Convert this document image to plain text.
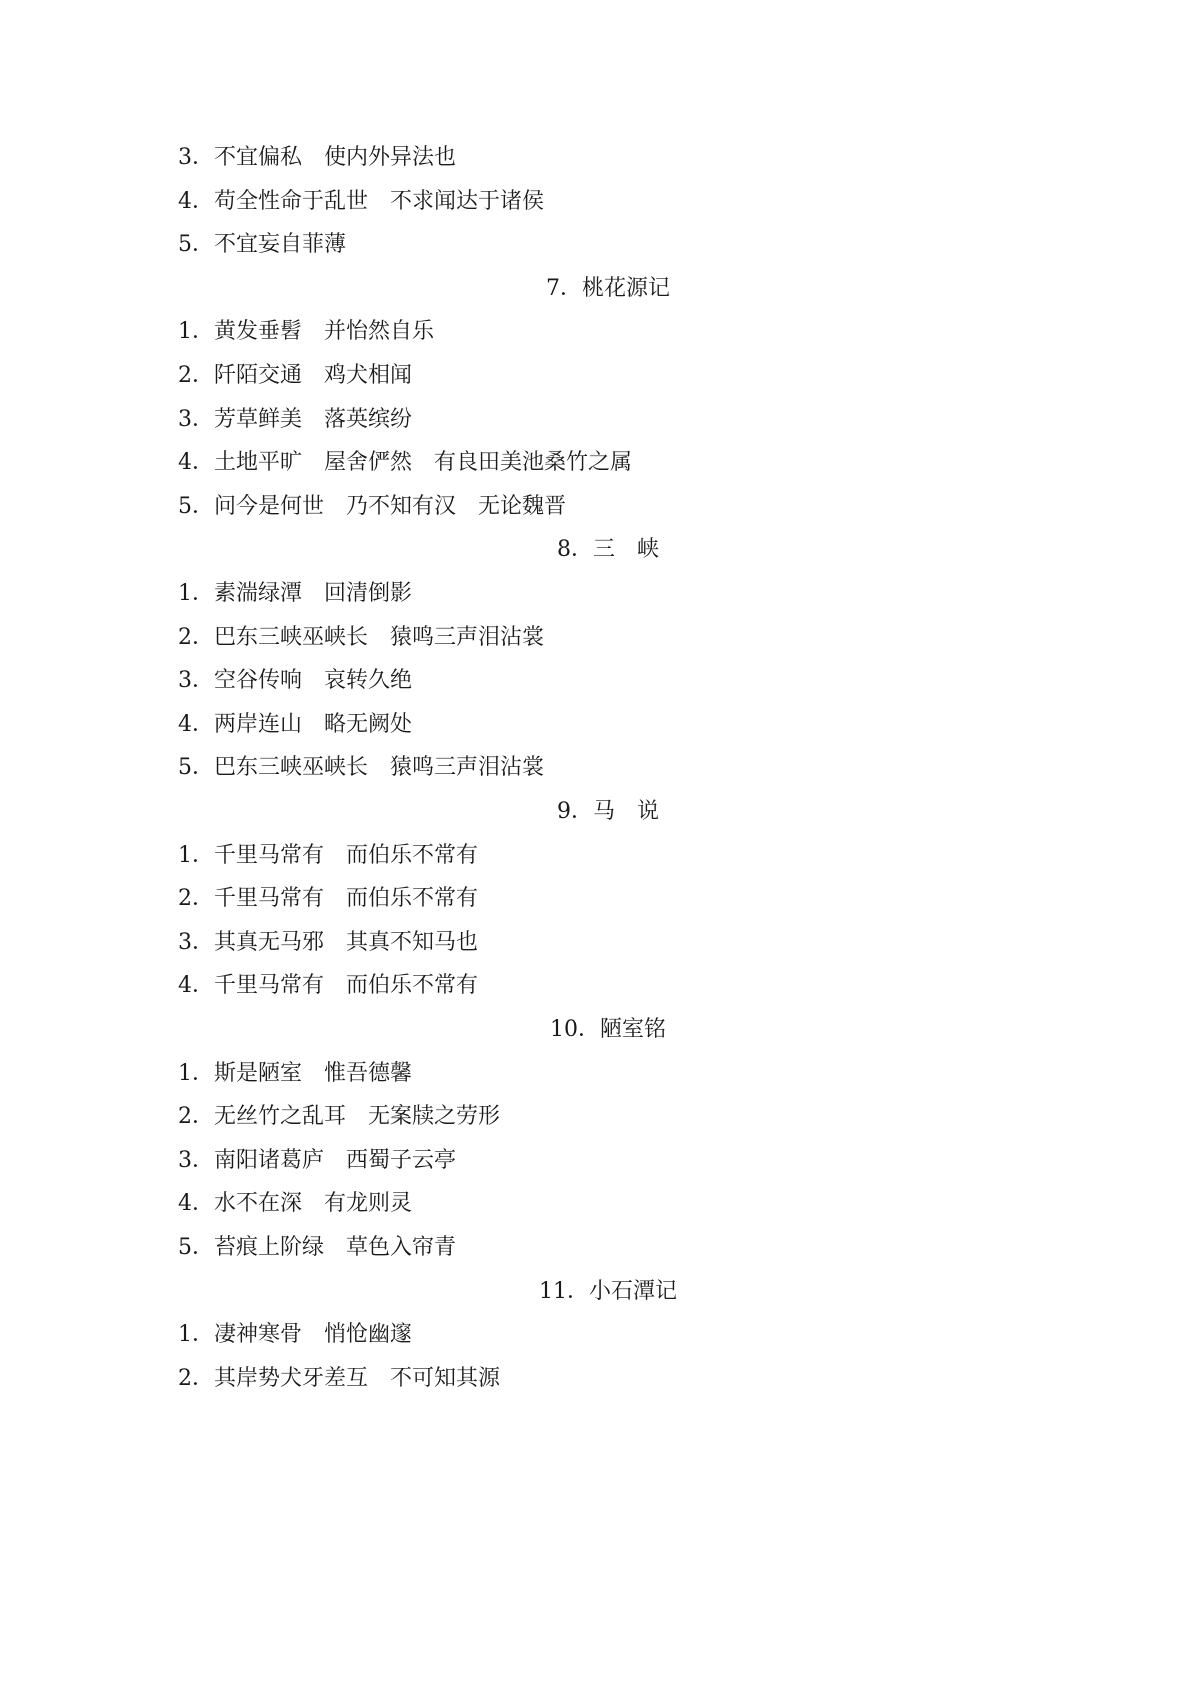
3．不宜偏私　使内外异法也
4．苟全性命于乱世　不求闻达于诸侯
5．不宜妄自菲薄
7．桃花源记
1．黄发垂髫　并怡然自乐
2．阡陌交通　鸡犬相闻
3．芳草鲜美　落英缤纷
4．土地平旷　屋舍俨然　有良田美池桑竹之属
5．问今是何世　乃不知有汉　无论魏晋
8．三　峡
1．素湍绿潭　回清倒影
2．巴东三峡巫峡长　猿鸣三声泪沾裳
3．空谷传响　哀转久绝
4．两岸连山　略无阙处
5．巴东三峡巫峡长　猿鸣三声泪沾裳
9．马　说
1．千里马常有　而伯乐不常有
2．千里马常有　而伯乐不常有
3．其真无马邪　其真不知马也
4．千里马常有　而伯乐不常有
10．陋室铭
1．斯是陋室　惟吾德馨
2．无丝竹之乱耳　无案牍之劳形
3．南阳诸葛庐　西蜀子云亭
4．水不在深　有龙则灵
5．苔痕上阶绿　草色入帘青
11．小石潭记
1．凄神寒骨　悄怆幽邃
2．其岸势犬牙差互　不可知其源
